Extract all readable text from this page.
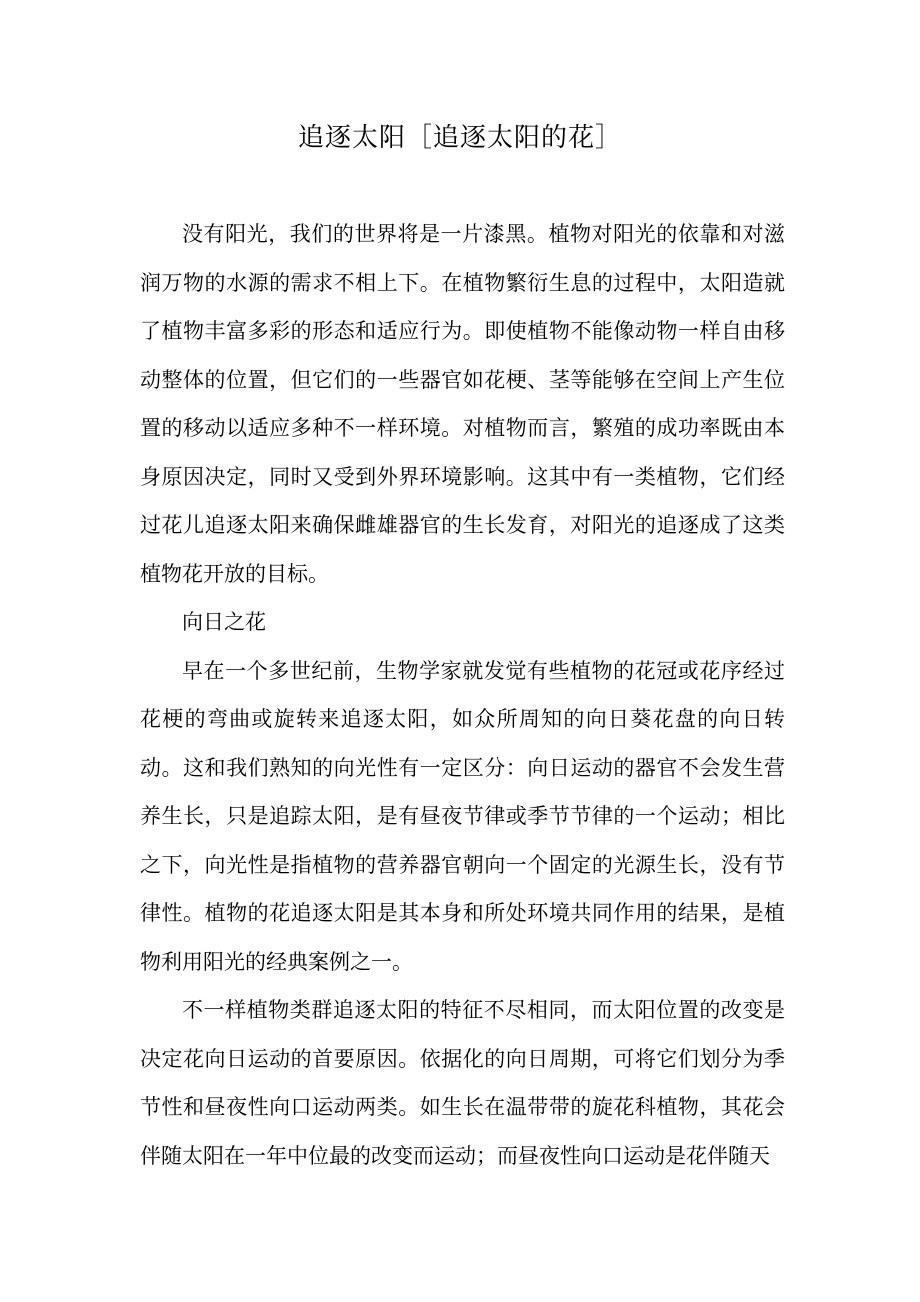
追逐太阳［追逐太阳的花］

没有阳光，我们的世界将是一片漆黑。植物对阳光的依靠和对滋润万物的水源的需求不相上下。在植物繁衍生息的过程中，太阳造就了植物丰富多彩的形态和适应行为。即使植物不能像动物一样自由移动整体的位置，但它们的一些器官如花梗、茎等能够在空间上产生位置的移动以适应多种不一样环境。对植物而言，繁殖的成功率既由本身原因决定，同时又受到外界环境影响。这其中有一类植物，它们经过花儿追逐太阳来确保雌雄器官的生长发育，对阳光的追逐成了这类植物花开放的目标。

向日之花

早在一个多世纪前，生物学家就发觉有些植物的花冠或花序经过花梗的弯曲或旋转来追逐太阳，如众所周知的向日葵花盘的向日转动。这和我们熟知的向光性有一定区分：向日运动的器官不会发生营养生长，只是追踪太阳，是有昼夜节律或季节节律的一个运动；相比之下，向光性是指植物的营养器官朝向一个固定的光源生长，没有节律性。植物的花追逐太阳是其本身和所处环境共同作用的结果，是植物利用阳光的经典案例之一。

不一样植物类群追逐太阳的特征不尽相同，而太阳位置的改变是决定花向日运动的首要原因。依据化的向日周期，可将它们划分为季节性和昼夜性向口运动两类。如生长在温带带的旋花科植物，其花会伴随太阳在一年中位最的改变而运动；而昼夜性向口运动是花伴随天
